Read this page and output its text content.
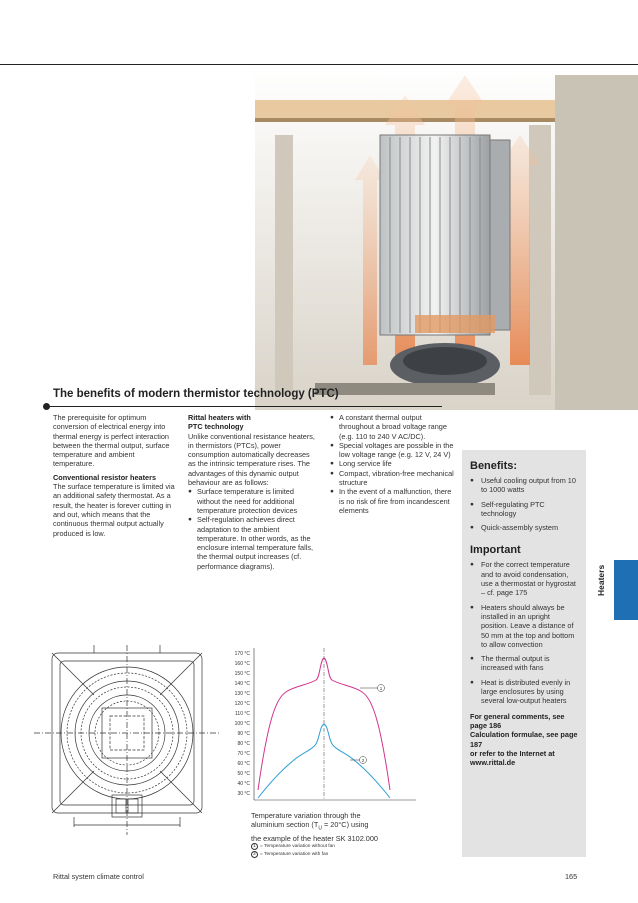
The benefits of modern thermistor technology (PTC)

The prerequisite for optimum conversion of electrical energy into thermal energy is perfect interaction between the thermal output, surface temperature and ambient temperature.

Conventional resistor heaters

The surface temperature is limited via an additional safety thermostat. As a result, the heater is forever cutting in and out, which means that the continuous thermal output actually produced is low.

Rittal heaters with

PTC technology

Unlike conventional resistance heaters, in thermistors (PTCs), power consumption automatically decreases as the intrinsic temperature rises. The advantages of this dynamic output behaviour are as follows:

● Surface temperature is limited without the need for additional temperature protection devices
● Self-regulation achieves direct adaptation to the ambient temperature. In other words, as the enclosure internal temperature falls, the thermal output increases (cf. performance diagrams).
● A constant thermal output throughout a broad voltage range (e.g. 110 to 240 V AC/DC).
● Special voltages are possible in the low voltage range (e.g. 12 V, 24 V)
● Long service life
● Compact, vibration-free mechanical structure
● In the event of a malfunction, there is no risk of fire from incandescent elements
Benefits:
● Useful cooling output from 10 to 1000 watts
● Self-regulating PTC technology
● Quick-assembly system
Important
● For the correct temperature and to avoid condensation, use a thermostat or hygrostat – cf. page 175
● Heaters should always be installed in an upright position. Leave a distance of 50 mm at the top and bottom to allow convection
● The thermal output is increased with fans
● Heat is distributed evenly in large enclosures by using several low-output heaters
For general comments, see page 186
Calculation formulae, see page 187
or refer to the Internet at www.rittal.de
Heaters
170 °C
160 °C
150 °C
140 °C
130 °C
120 °C
110 °C
100 °C
90 °C
80 °C
70 °C
60 °C
50 °C
40 °C
30 °C
1
2
Temperature variation through the
aluminium section $(T_U = 20^\circ C)$ using
the example of the heater SK 3102.000
1 = Temperature variation without fan
2 = Temperature variation with fan
Rittal system climate control	165
